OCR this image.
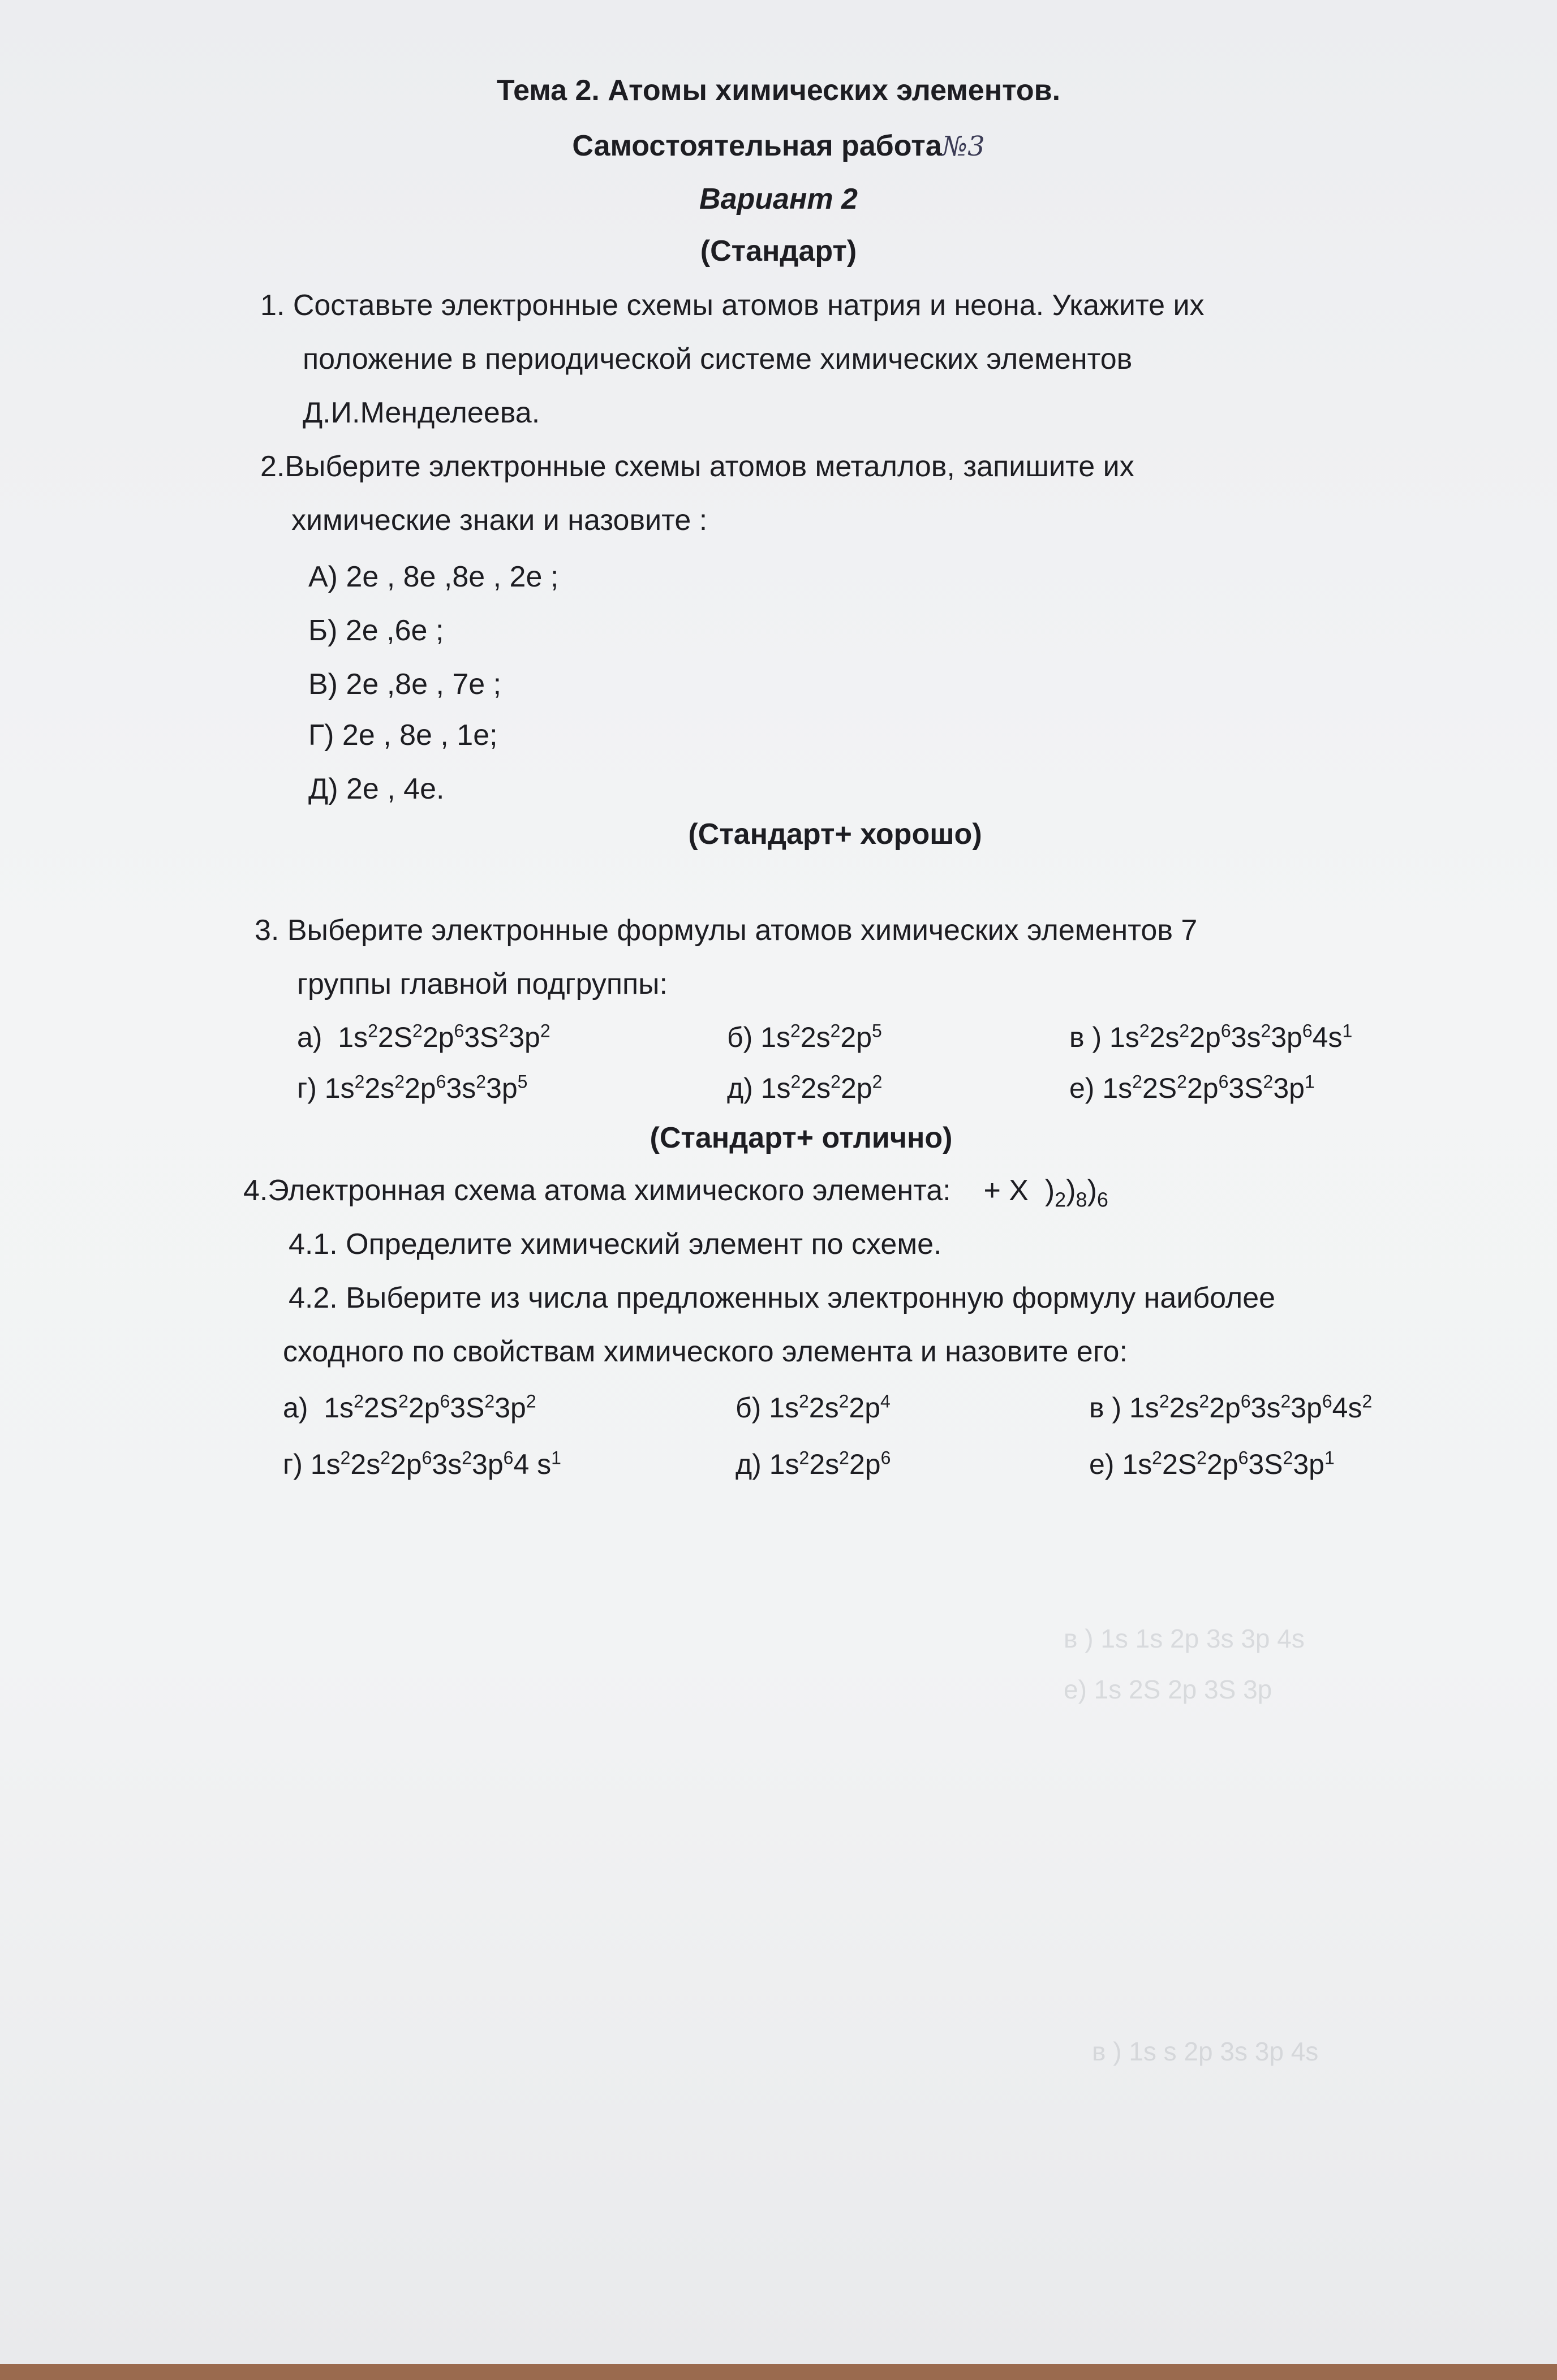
Тема 2. Атомы химических элементов.
Самостоятельная работа№3
Вариант 2
(Стандарт)
1. Составьте электронные схемы атомов натрия и неона. Укажите их
положение в периодической системе химических элементов
Д.И.Менделеева.
2.Выберите электронные схемы атомов металлов, запишите их
химические знаки и назовите :
А) 2е , 8е ,8е , 2е ;
Б) 2е ,6е ;
В) 2е ,8е , 7е ;
Г) 2е , 8е , 1е;
Д) 2е , 4е.
(Стандарт+ хорошо)
3. Выберите электронные формулы атомов химических элементов 7
группы главной подгруппы:
а)  $1s^22S^22p^63S^23p^2$	б) $1s^22s^22p^5$	в ) $1s^22s^22p^63s^23p^64s^1$
г) $1s^22s^22p^63s^23p^5$	д) $1s^22s^22p^2$	е) $1s^22S^22p^63S^23p^1$
(Стандарт+ отлично)
4.Электронная схема атома химического элемента:    + X  )$_2)_8)_6$
4.1. Определите химический элемент по схеме.
4.2. Выберите из числа предложенных электронную формулу наиболее
сходного по свойствам химического элемента и назовите его:
а)  $1s^22S^22p^63S^23p^2$	б) $1s^22s^22p^4$	в ) $1s^22s^22p^63s^23p^64s^2$
г) $1s^22s^22p^63s^23p^64$ $s^1$	д) $1s^22s^22p^6$	е) $1s^22S^22p^63S^23p^1$
в ) 1s 1s 2p 3s 3p 4s
е) 1s 2S 2p 3S 3p
в ) 1s s 2p 3s 3p 4s
